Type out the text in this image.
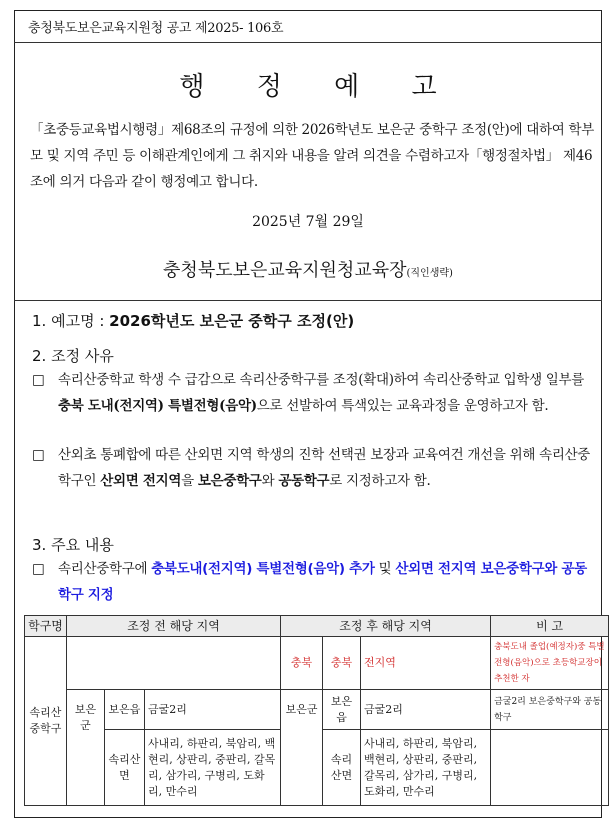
충청북도보은교육지원청 공고 제2025- 106호
행 정 예 고
「초중등교육법시행령」제68조의 규정에 의한 2026학년도 보은군 중학구 조정(안)에 대하여 학부모 및 지역 주민 등 이해관계인에게 그 취지와 내용을 알려 의견을 수렴하고자「행정절차법」 제46조에 의거 다음과 같이 행정예고 합니다.
2025년 7월 29일
충청북도보은교육지원청교육장(직인생략)
1. 예고명 : 2026학년도 보은군 중학구 조정(안)
2. 조정 사유
□	속리산중학교 학생 수 급감으로 속리산중학구를 조정(확대)하여 속리산중학교 입학생 일부를 충북 도내(전지역) 특별전형(음악)으로 선발하여 특색있는 교육과정을 운영하고자 함.
□	산외초 통폐합에 따른 산외면 지역 학생의 진학 선택권 보장과 교육여건 개선을 위해 속리산중학구인 산외면 전지역을 보은중학구와 공동학구로 지정하고자 함.
3. 주요 내용
□	속리산중학구에 충북도내(전지역) 특별전형(음악) 추가 및 산외면 전지역 보은중학구와 공동학구 지정
학구명	조정 전 해당 지역			조정 후 해당 지역			비 고
속리산중학구				충북	충북	전지역	충북도내 졸업(예정자)중 특별전형(음악)으로 초등학교장이 추천한 자
	보은군	보은읍	금굴2리	보은군	보은읍	금굴2리	금굴2리 보은중학구와 공동학구
		속리산면	사내리, 하판리, 북암리, 백현리, 상판리, 중판리, 갈목리, 삼가리, 구병리, 도화리, 만수리		속리산면	사내리, 하판리, 북암리, 백현리, 상판리, 중판리, 갈목리, 삼가리, 구병리, 도화리, 만수리	
